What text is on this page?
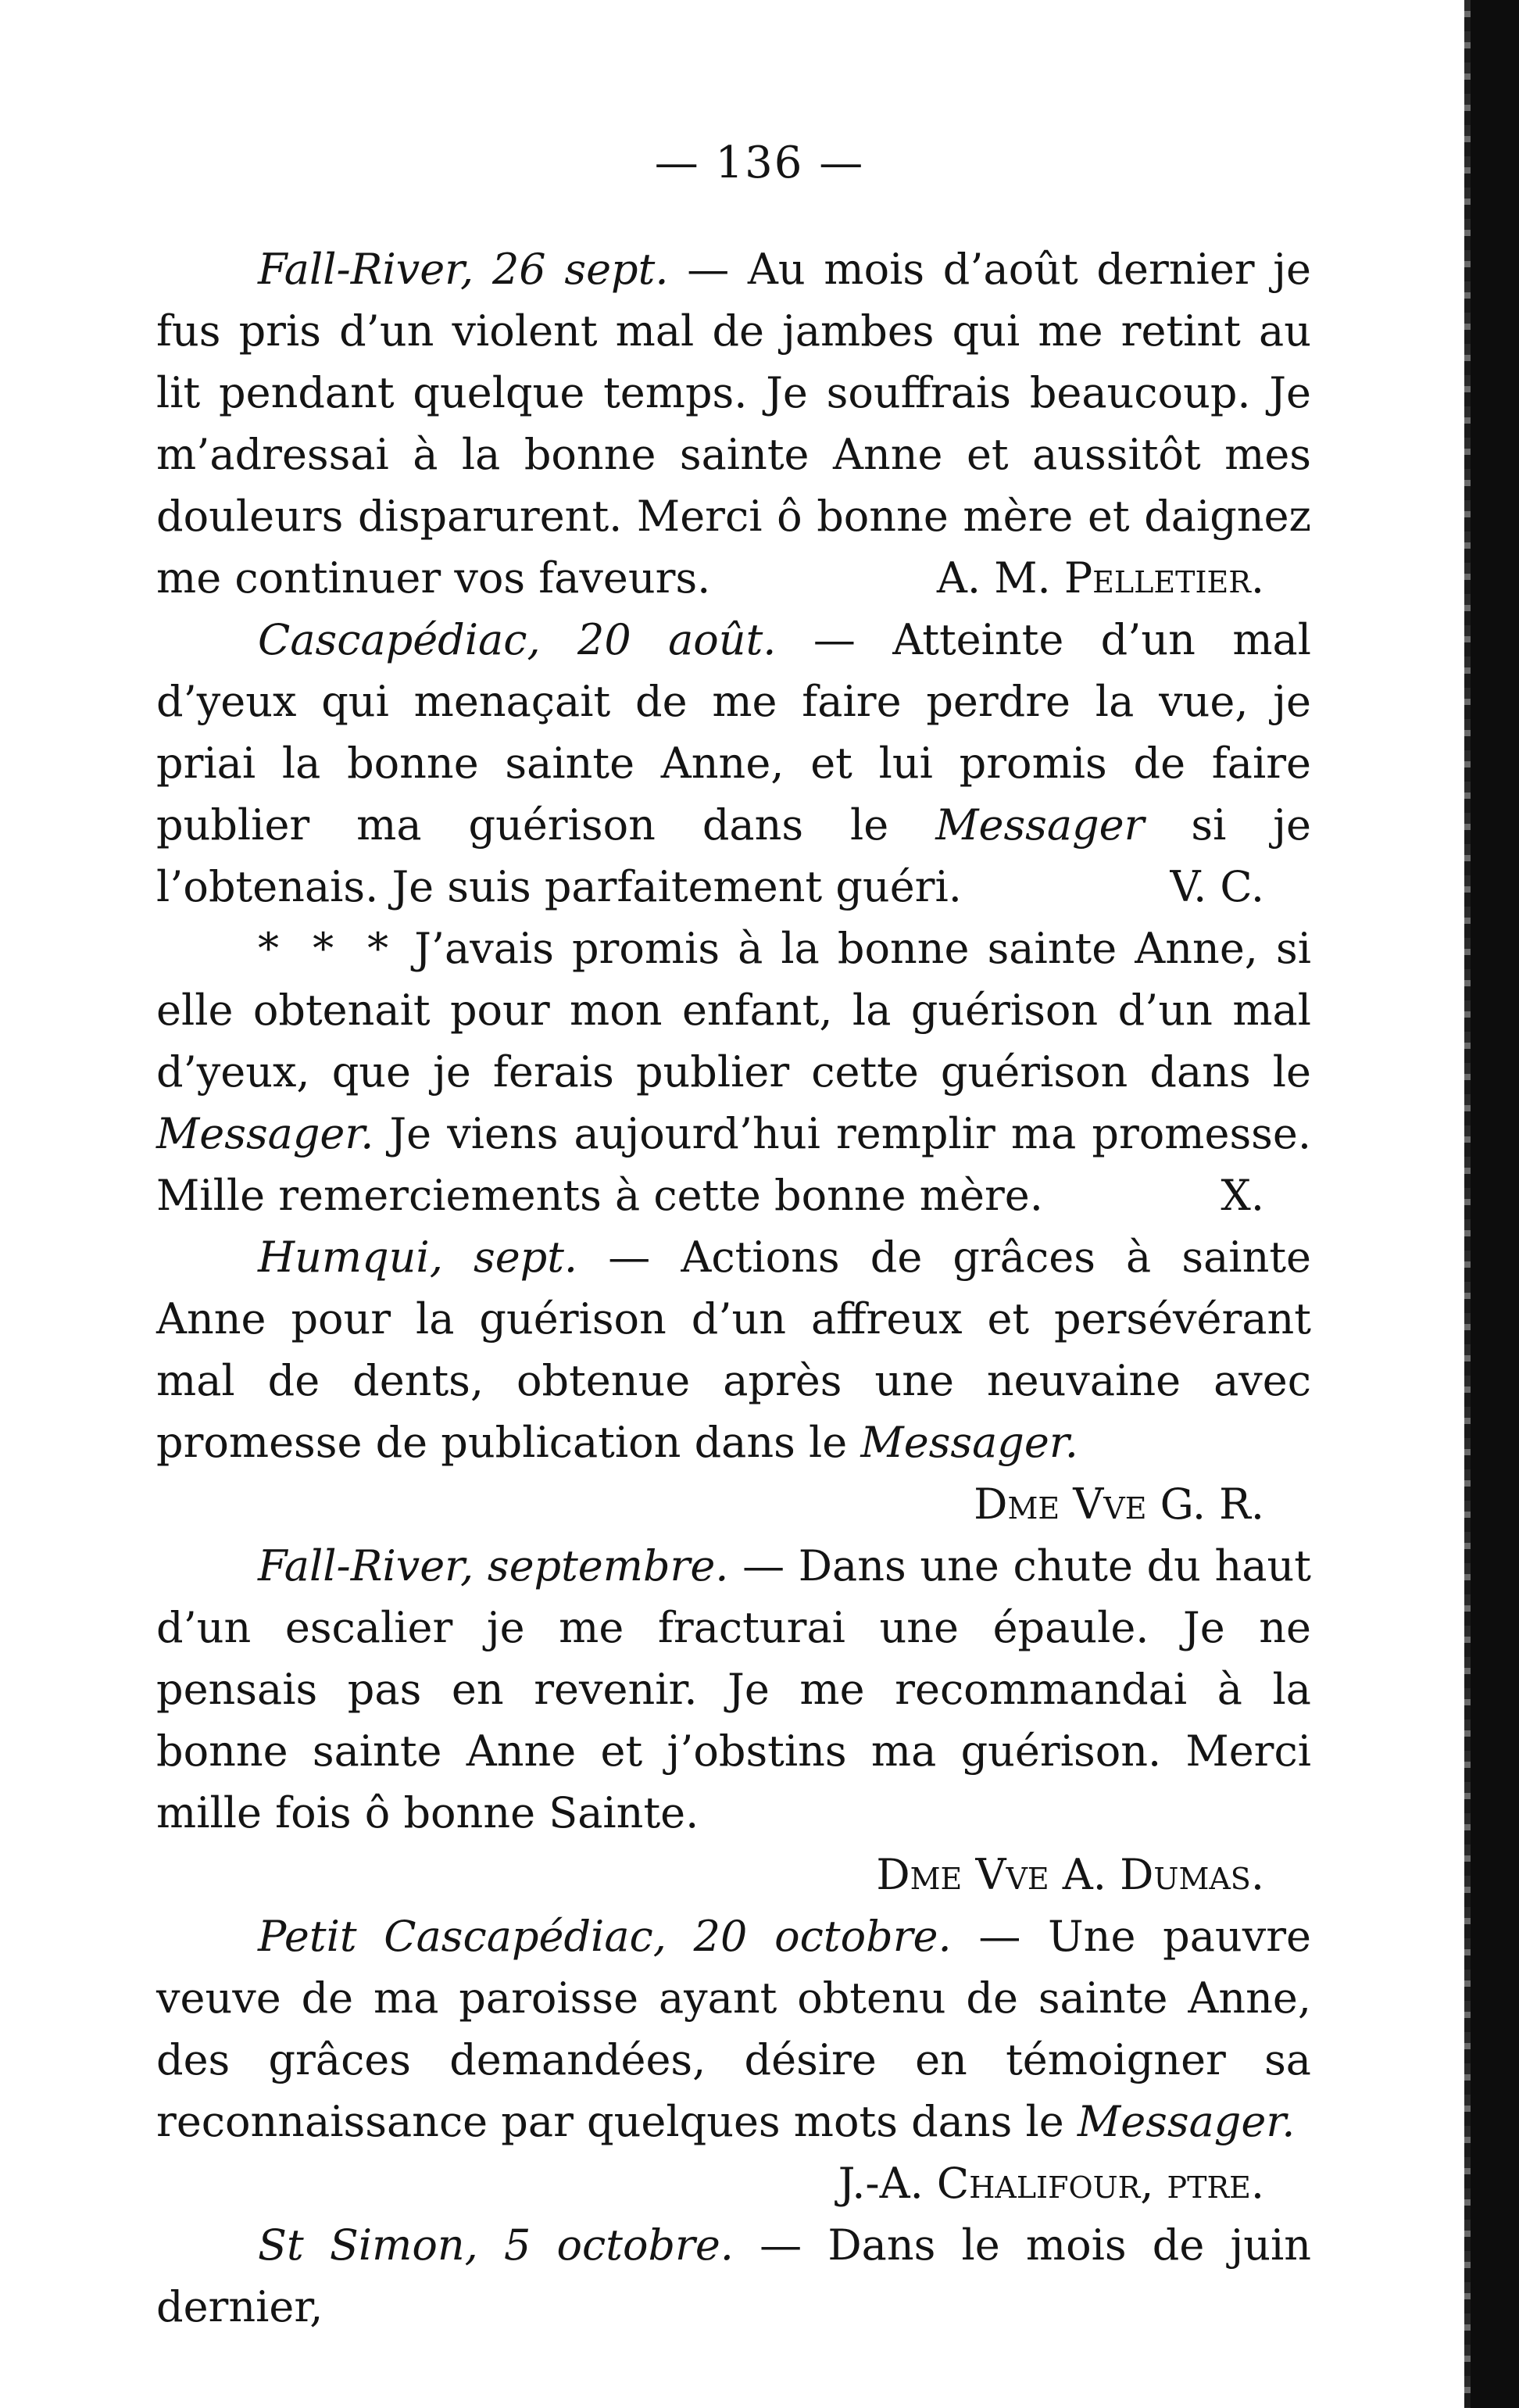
— 136 —

Fall-River, 26 sept. — Au mois d’août dernier je fus pris d’un violent mal de jambes qui me retint au lit pendant quelque temps. Je souffrais beaucoup. Je m’adressai à la bonne sainte Anne et aussitôt mes douleurs disparurent. Merci ô bonne mère et daignez me continuer vos faveurs.	A. M. Pelletier.

Cascapédiac, 20 août. — Atteinte d’un mal d’yeux qui menaçait de me faire perdre la vue, je priai la bonne sainte Anne, et lui promis de faire publier ma guérison dans le Messager si je l’obtenais. Je suis parfaitement guéri.	V. C.

* * * J’avais promis à la bonne sainte Anne, si elle obtenait pour mon enfant, la guérison d’un mal d’yeux, que je ferais publier cette guérison dans le Messager. Je viens aujourd’hui remplir ma promesse. Mille remerciements à cette bonne mère.	X.

Humqui, sept. — Actions de grâces à sainte Anne pour la guérison d’un affreux et persévérant mal de dents, obtenue après une neuvaine avec promesse de publication dans le Messager.
Dme Vve G. R.

Fall-River, septembre. — Dans une chute du haut d’un escalier je me fracturai une épaule. Je ne pensais pas en revenir. Je me recommandai à la bonne sainte Anne et j’obstins ma guérison. Merci mille fois ô bonne Sainte.
Dme Vve A. Dumas.

Petit Cascapédiac, 20 octobre. — Une pauvre veuve de ma paroisse ayant obtenu de sainte Anne, des grâces demandées, désire en témoigner sa reconnaissance par quelques mots dans le Messager.
J.-A. Chalifour, ptre.

St Simon, 5 octobre. — Dans le mois de juin dernier,
